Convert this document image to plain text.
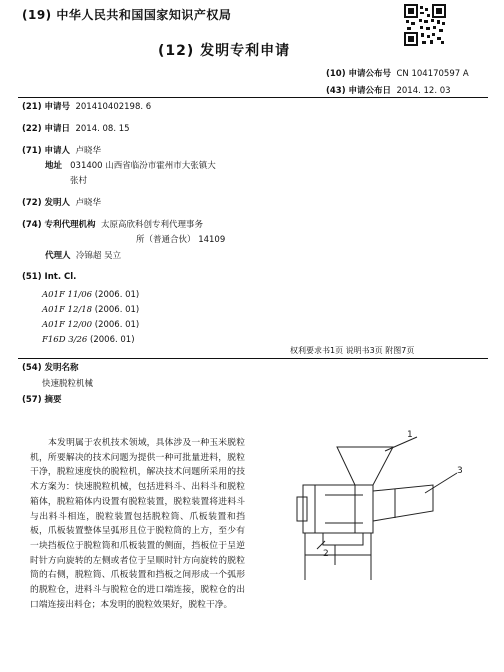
(19) 中华人民共和国国家知识产权局
(12) 发明专利申请
(10) 申请公布号 CN 104170597 A
(43) 申请公布日 2014. 12. 03
(21) 申请号 201410402198. 6
(22) 申请日 2014. 08. 15
(71) 申请人 卢晓华
地址 031400 山西省临汾市霍州市大张镇大
张村
(72) 发明人 卢晓华
(74) 专利代理机构 太原高欣科创专利代理事务
所（普通合伙） 14109
代理人 冷锦超 吴立
(51) Int. Cl.
A01F 11/06 (2006. 01)
A01F 12/18 (2006. 01)
A01F 12/00 (2006. 01)
F16D 3/26 (2006. 01)
权利要求书1页 说明书3页 附图7页
(54) 发明名称
快速脱粒机械
(57) 摘要
本发明属于农机技术领域，具体涉及一种玉米脱粒机，所要解决的技术问题为提供一种可批量进料，脱粒干净，脱粒速度快的脱粒机，解决技术问题所采用的技术方案为：快速脱粒机械，包括进料斗、出料斗和脱粒箱体，脱粒箱体内设置有脱粒装置，脱粒装置将进料斗与出料斗相连，脱粒装置包括脱粒筒、爪板装置和挡板，爪板装置整体呈弧形且位于脱粒筒的上方，至少有一块挡板位于脱粒筒和爪板装置的侧面，挡板位于呈逆时针方向旋转的左侧或者位于呈顺时针方向旋转的脱粒筒的右侧，脱粒筒、爪板装置和挡板之间形成一个弧形的脱粒仓，进料斗与脱粒仓的进口端连接，脱粒仓的出口端连接出料仓；本发明的脱粒效果好，脱粒干净。
1
3
2
